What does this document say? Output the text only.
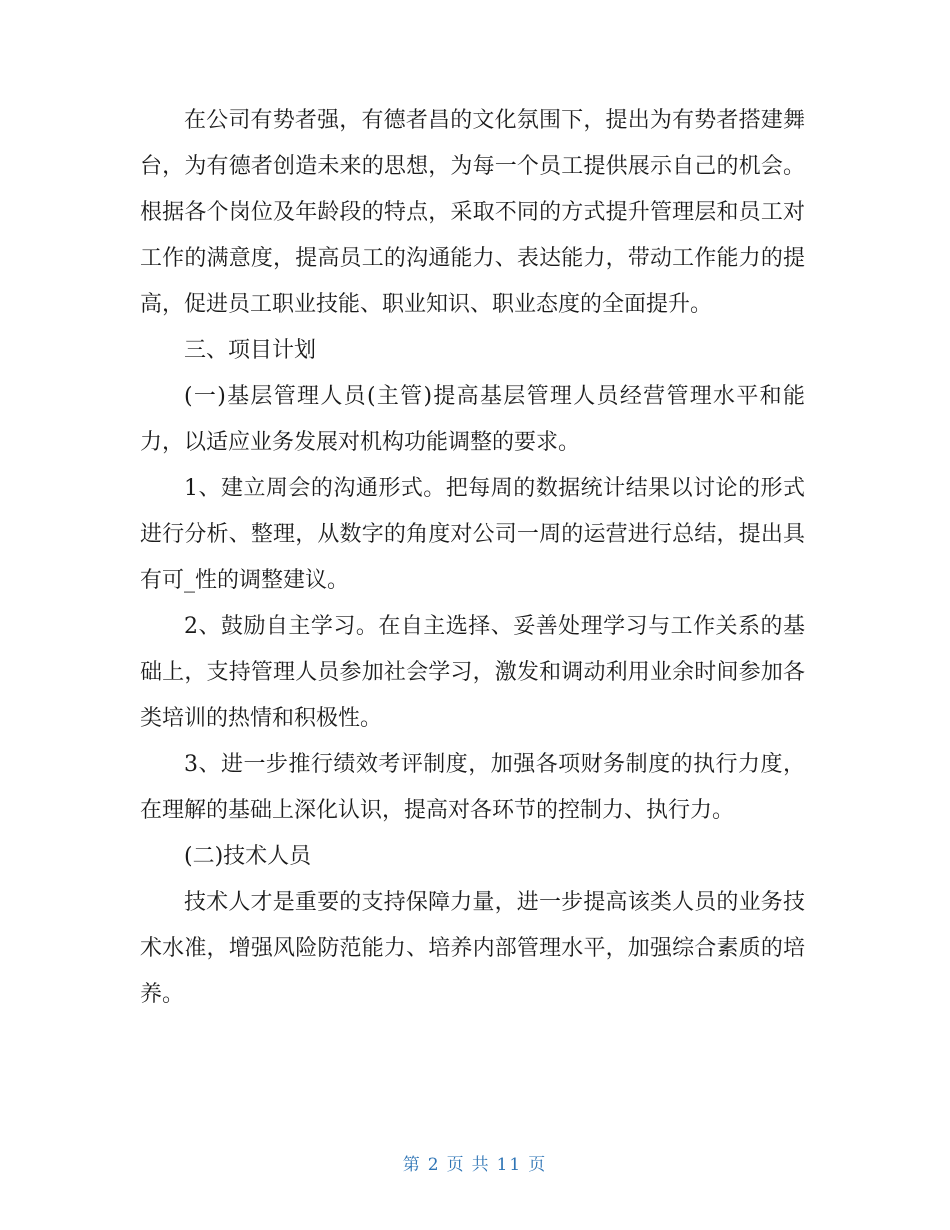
在公司有势者强，有德者昌的文化氛围下，提出为有势者搭建舞台，为有德者创造未来的思想，为每一个员工提供展示自己的机会。根据各个岗位及年龄段的特点，采取不同的方式提升管理层和员工对工作的满意度，提高员工的沟通能力、表达能力，带动工作能力的提高，促进员工职业技能、职业知识、职业态度的全面提升。

三、项目计划

(一)基层管理人员(主管)提高基层管理人员经营管理水平和能力，以适应业务发展对机构功能调整的要求。

1、建立周会的沟通形式。把每周的数据统计结果以讨论的形式进行分析、整理，从数字的角度对公司一周的运营进行总结，提出具有可_性的调整建议。

2、鼓励自主学习。在自主选择、妥善处理学习与工作关系的基础上，支持管理人员参加社会学习，激发和调动利用业余时间参加各类培训的热情和积极性。

3、进一步推行绩效考评制度，加强各项财务制度的执行力度，在理解的基础上深化认识，提高对各环节的控制力、执行力。

(二)技术人员

技术人才是重要的支持保障力量，进一步提高该类人员的业务技术水准，增强风险防范能力、培养内部管理水平，加强综合素质的培养。

第 2 页 共 11 页
